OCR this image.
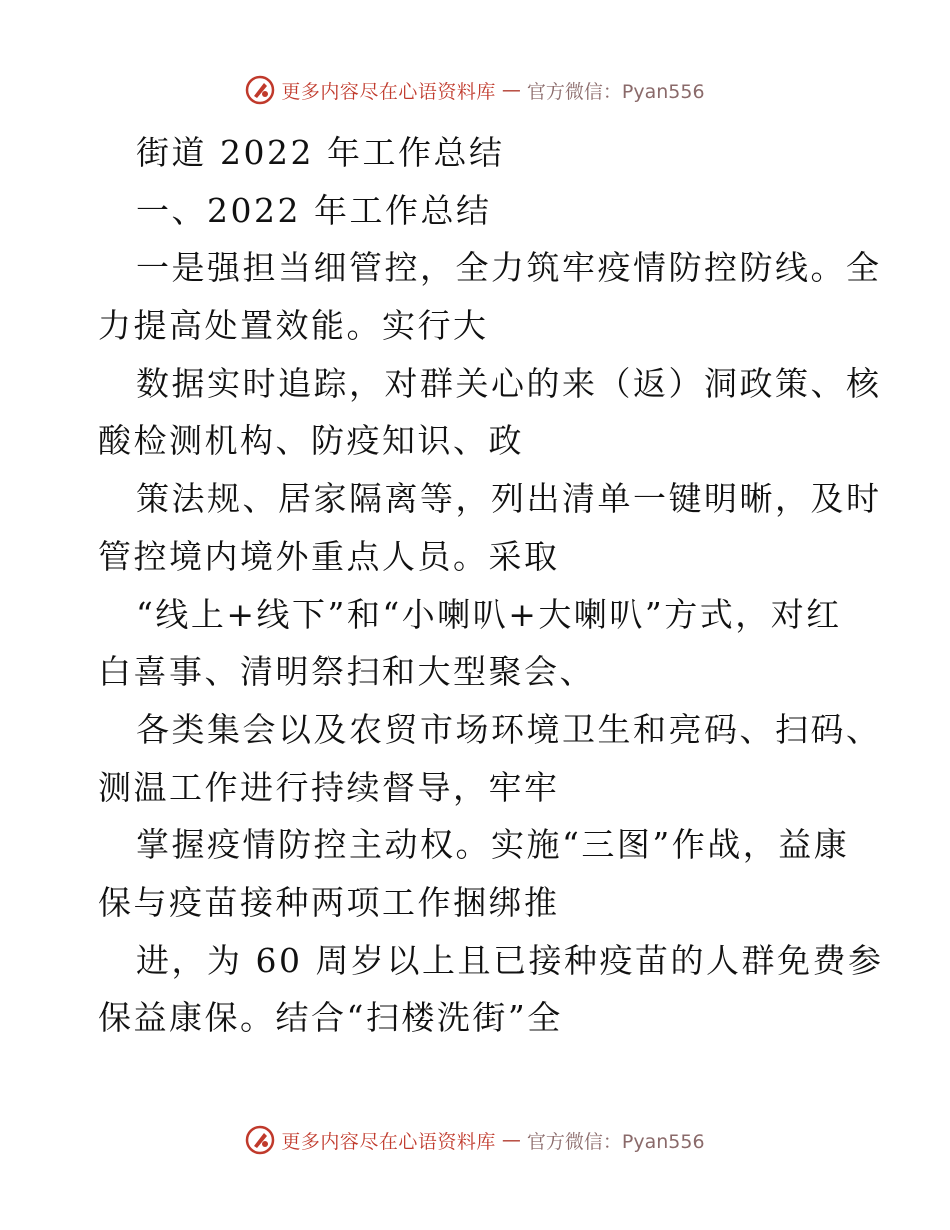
更多内容尽在心语资料库 — 官方微信：Pyan556
街道 2022 年工作总结
一、2022 年工作总结
一是强担当细管控，全力筑牢疫情防控防线。全
力提高处置效能。实行大
数据实时追踪，对群关心的来（返）洞政策、核
酸检测机构、防疫知识、政
策法规、居家隔离等，列出清单一键明晰，及时
管控境内境外重点人员。采取
“线上+线下”和“小喇叭+大喇叭”方式，对红
白喜事、清明祭扫和大型聚会、
各类集会以及农贸市场环境卫生和亮码、扫码、
测温工作进行持续督导，牢牢
掌握疫情防控主动权。实施“三图”作战，益康
保与疫苗接种两项工作捆绑推
进，为 60 周岁以上且已接种疫苗的人群免费参
保益康保。结合“扫楼洗街”全
更多内容尽在心语资料库 — 官方微信：Pyan556
